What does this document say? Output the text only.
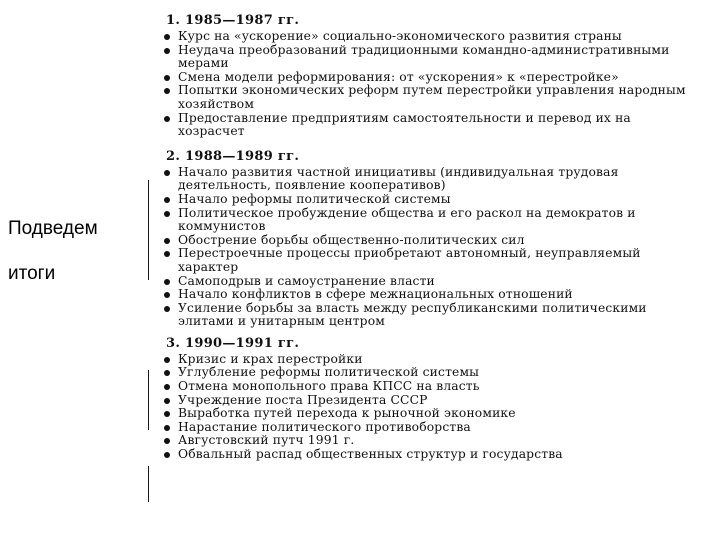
Подведем
итоги
1. 1985—1987 гг.
Курс на «ускорение» социально-экономического развития страны
Неудача преобразований традиционными командно-административными мерами
Смена модели реформирования: от «ускорения» к «перестройке»
Попытки экономических реформ путем перестройки управления народным хозяйством
Предоставление предприятиям самостоятельности и перевод их на хозрасчет
2. 1988—1989 гг.
Начало развития частной инициативы (индивидуальная трудовая деятельность, появление кооперативов)
Начало реформы политической системы
Политическое пробуждение общества и его раскол на демократов и коммунистов
Обострение борьбы общественно-политических сил
Перестроечные процессы приобретают автономный, неуправляемый характер
Самоподрыв и самоустранение власти
Начало конфликтов в сфере межнациональных отношений
Усиление борьбы за власть между республиканскими политическими элитами и унитарным центром
3. 1990—1991 гг.
Кризис и крах перестройки
Углубление реформы политической системы
Отмена монопольного права КПСС на власть
Учреждение поста Президента СССР
Выработка путей перехода к рыночной экономике
Нарастание политического противоборства
Августовский путч 1991 г.
Обвальный распад общественных структур и государства
